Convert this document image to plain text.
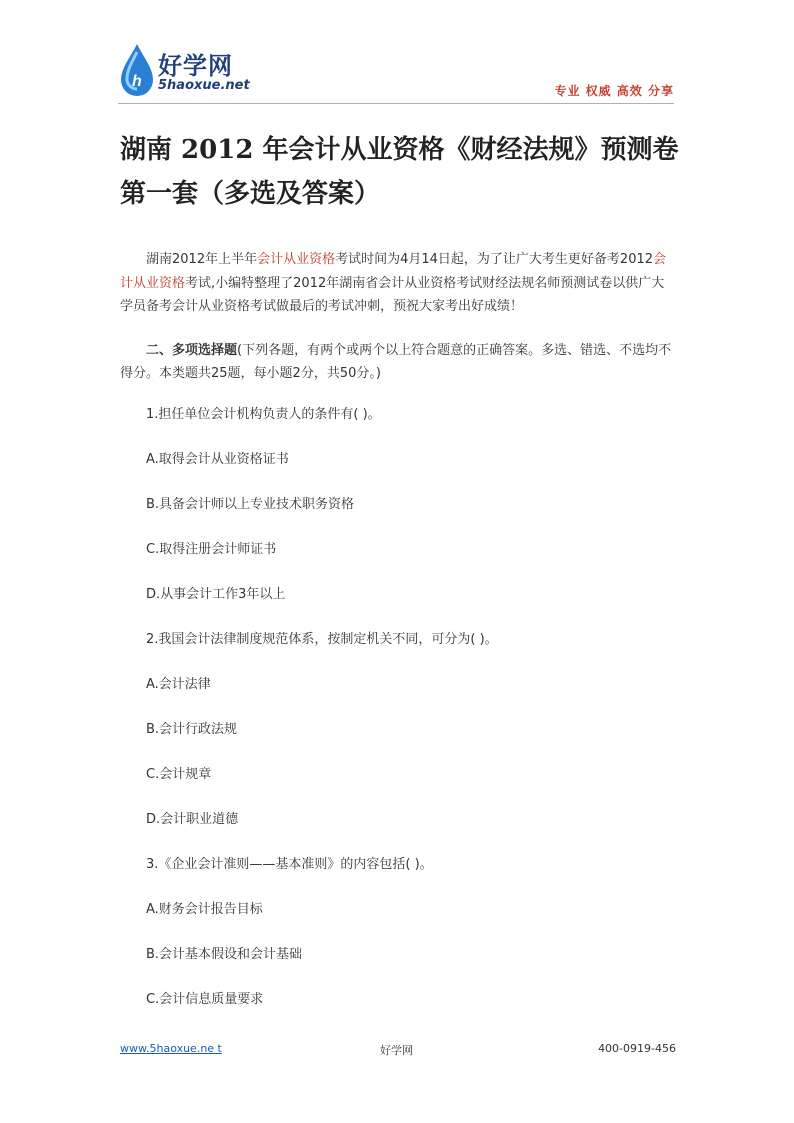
h
好学网
5haoxue.net	专业 权威 高效 分享
湖南 2012 年会计从业资格《财经法规》预测卷第一套（多选及答案）

湖南2012年上半年会计从业资格考试时间为4月14日起，为了让广大考生更好备考2012会计从业资格考试,小编特整理了2012年湖南省会计从业资格考试财经法规名师预测试卷以供广大学员备考会计从业资格考试做最后的考试冲刺，预祝大家考出好成绩！

二、多项选择题(下列各题，有两个或两个以上符合题意的正确答案。多选、错选、不选均不得分。本类题共25题，每小题2分，共50分。)

1.担任单位会计机构负责人的条件有( )。

A.取得会计从业资格证书

B.具备会计师以上专业技术职务资格

C.取得注册会计师证书

D.从事会计工作3年以上

2.我国会计法律制度规范体系，按制定机关不同，可分为( )。

A.会计法律

B.会计行政法规

C.会计规章

D.会计职业道德

3.《企业会计准则——基本准则》的内容包括( )。

A.财务会计报告目标

B.会计基本假设和会计基础

C.会计信息质量要求

www.5haoxue.ne t	好学网	400-0919-456
